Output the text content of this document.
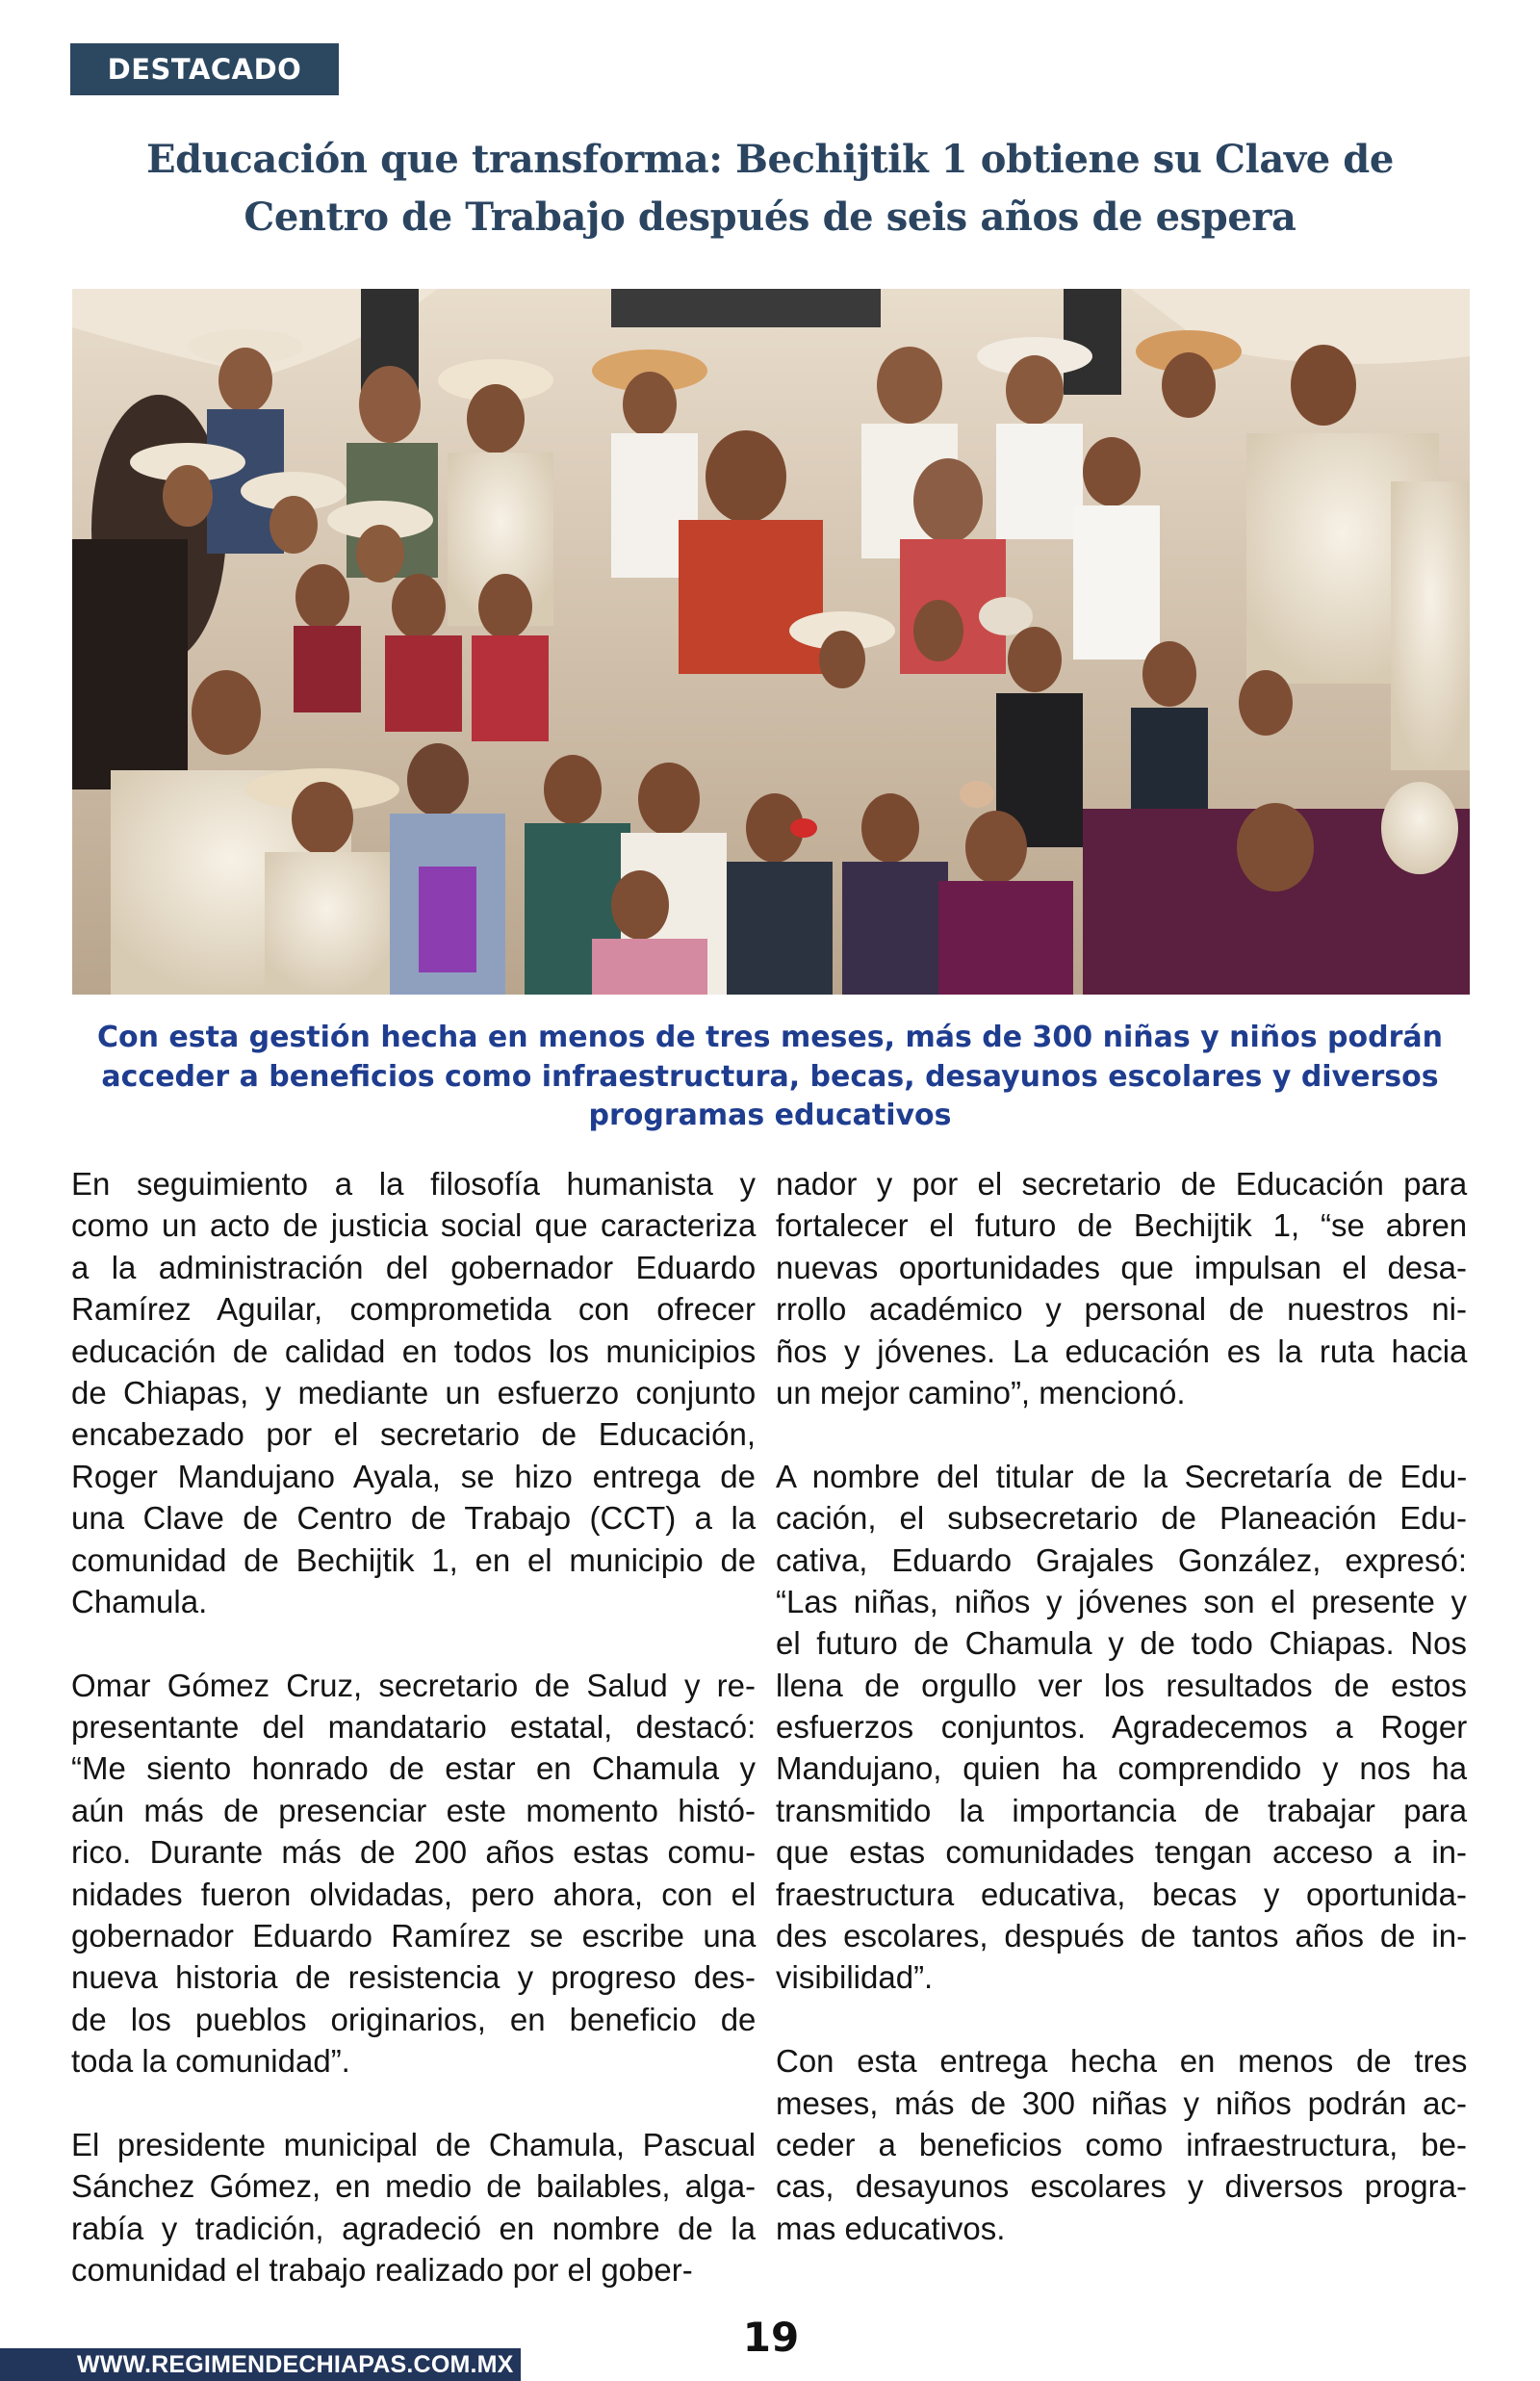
DESTACADO
Educación que transforma: Bechijtik 1 obtiene su Clave de
Centro de Trabajo después de seis años de espera
Con esta gestión hecha en menos de tres meses, más de 300 niñas y niños podrán
acceder a beneficios como infraestructura, becas, desayunos escolares y diversos
programas educativos

En seguimiento a la filosofía humanista y
como un acto de justicia social que caracteriza
a la administración del gobernador Eduardo
Ramírez Aguilar, comprometida con ofrecer
educación de calidad en todos los municipios
de Chiapas, y mediante un esfuerzo conjunto
encabezado por el secretario de Educación,
Roger Mandujano Ayala, se hizo entrega de
una Clave de Centro de Trabajo (CCT) a la
comunidad de Bechijtik 1, en el municipio de
Chamula.

Omar Gómez Cruz, secretario de Salud y re-
presentante del mandatario estatal, destacó:
“Me siento honrado de estar en Chamula y
aún más de presenciar este momento histó-
rico. Durante más de 200 años estas comu-
nidades fueron olvidadas, pero ahora, con el
gobernador Eduardo Ramírez se escribe una
nueva historia de resistencia y progreso des-
de los pueblos originarios, en beneficio de
toda la comunidad”.

El presidente municipal de Chamula, Pascual
Sánchez Gómez, en medio de bailables, alga-
rabía y tradición, agradeció en nombre de la
comunidad el trabajo realizado por el gober-

nador y por el secretario de Educación para
fortalecer el futuro de Bechijtik 1, “se abren
nuevas oportunidades que impulsan el desa-
rrollo académico y personal de nuestros ni-
ños y jóvenes. La educación es la ruta hacia
un mejor camino”, mencionó.

A nombre del titular de la Secretaría de Edu-
cación, el subsecretario de Planeación Edu-
cativa, Eduardo Grajales González, expresó:
“Las niñas, niños y jóvenes son el presente y
el futuro de Chamula y de todo Chiapas. Nos
llena de orgullo ver los resultados de estos
esfuerzos conjuntos. Agradecemos a Roger
Mandujano, quien ha comprendido y nos ha
transmitido la importancia de trabajar para
que estas comunidades tengan acceso a in-
fraestructura educativa, becas y oportunida-
des escolares, después de tantos años de in-
visibilidad”.

Con esta entrega hecha en menos de tres
meses, más de 300 niñas y niños podrán ac-
ceder a beneficios como infraestructura, be-
cas, desayunos escolares y diversos progra-
mas educativos.

19
WWW.REGIMENDECHIAPAS.COM.MX
